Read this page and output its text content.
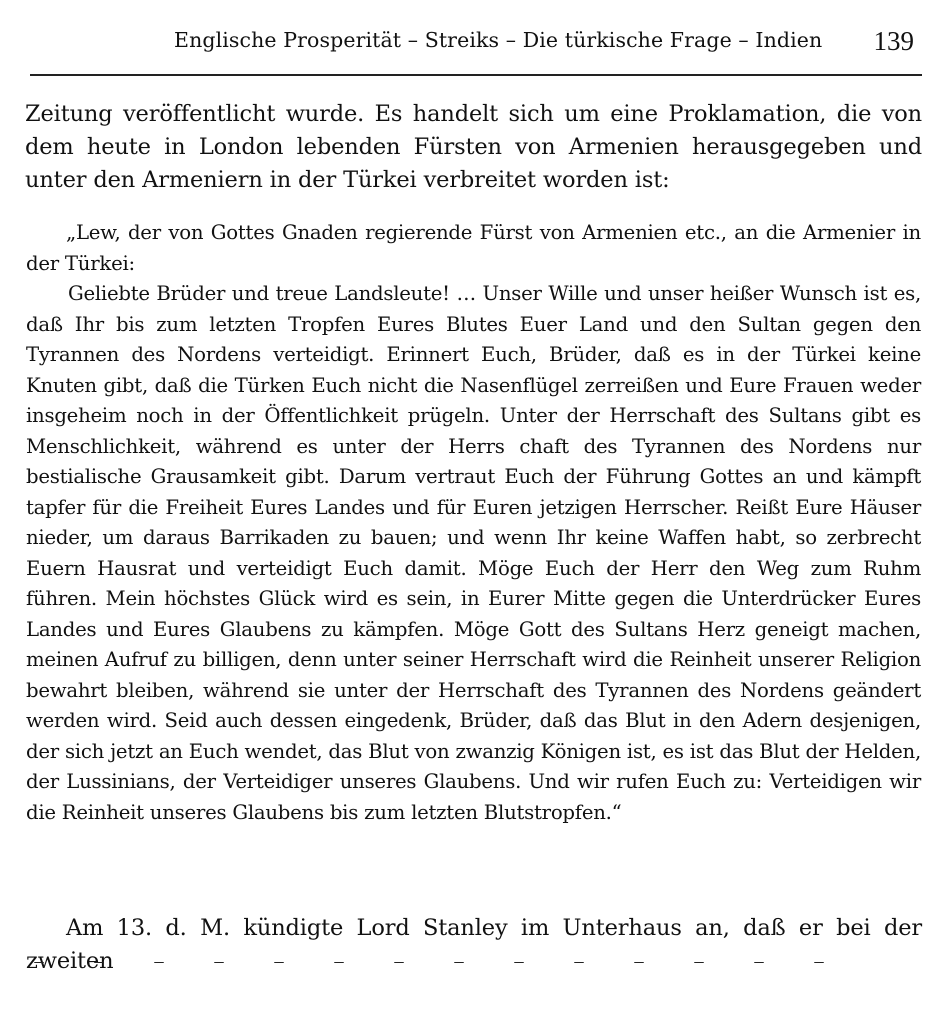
Englische Prosperität – Streiks – Die türkische Frage – Indien 139

Zeitung veröffentlicht wurde. Es handelt sich um eine Proklamation, die von dem heute in London lebenden Fürsten von Armenien herausgegeben und unter den Armeniern in der Türkei verbreitet worden ist:

„Lew, der von Gottes Gnaden regierende Fürst von Armenien etc., an die Armenier in der Türkei:

Geliebte Brüder und treue Landsleute! … Unser Wille und unser heißer Wunsch ist es, daß Ihr bis zum letzten Tropfen Eures Blutes Euer Land und den Sultan gegen den Tyrannen des Nordens verteidigt. Erinnert Euch, Brüder, daß es in der Türkei keine Knuten gibt, daß die Türken Euch nicht die Nasenflügel zerreißen und Eure Frauen weder insgeheim noch in der Öffentlichkeit prügeln. Unter der Herrschaft des Sultans gibt es Menschlichkeit, während es unter der Herrs chaft des Tyrannen des Nordens nur bestialische Grausamkeit gibt. Darum vertraut Euch der Führung Gottes an und kämpft tapfer für die Freiheit Eures Landes und für Euren jetzigen Herrscher. Reißt Eure Häuser nieder, um daraus Barrikaden zu bauen; und wenn Ihr keine Waffen habt, so zerbrecht Euern Hausrat und verteidigt Euch damit. Möge Euch der Herr den Weg zum Ruhm führen. Mein höchstes Glück wird es sein, in Eurer Mitte gegen die Unterdrücker Eures Landes und Eures Glaubens zu kämpfen. Möge Gott des Sultans Herz geneigt machen, meinen Aufruf zu billigen, denn unter seiner Herrschaft wird die Reinheit unserer Religion bewahrt bleiben, während sie unter der Herrschaft des Tyrannen des Nordens geändert werden wird. Seid auch dessen eingedenk, Brüder, daß das Blut in den Adern desjenigen, der sich jetzt an Euch wendet, das Blut von zwanzig Königen ist, es ist das Blut der Helden, der Lussinians, der Verteidiger unseres Glaubens. Und wir rufen Euch zu: Verteidigen wir die Reinheit unseres Glaubens bis zum letzten Blutstropfen.“

Am 13. d. M. kündigte Lord Stanley im Unterhaus an, daß er bei der zweiten
